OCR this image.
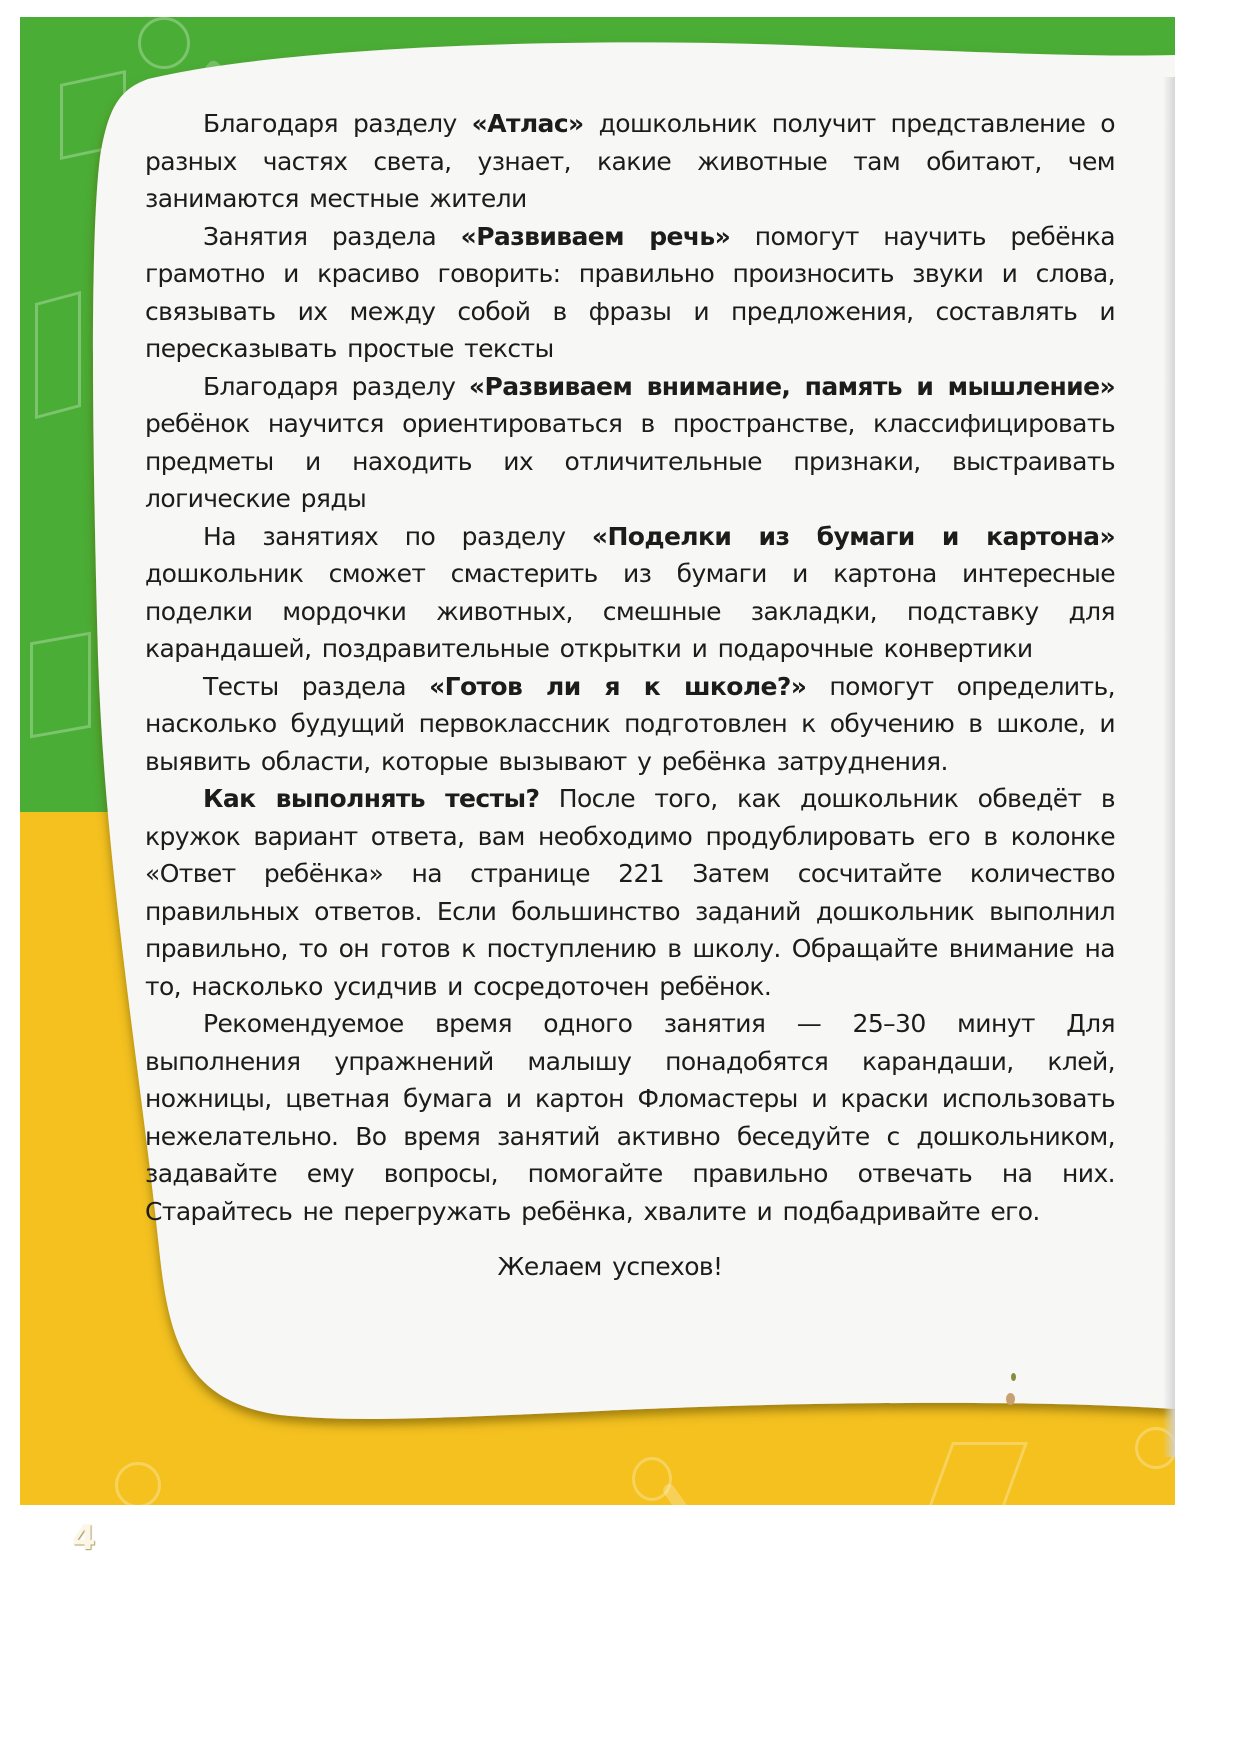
Благодаря разделу «Атлас» дошкольник получит представление о разных частях света, узнает, какие животные там обитают, чем занимаются местные жители

Занятия раздела «Развиваем речь» помогут научить ребёнка грамотно и красиво говорить: правильно произносить звуки и слова, связывать их между собой в фразы и предложения, составлять и пересказывать простые тексты

Благодаря разделу «Развиваем внимание, память и мышление» ребёнок научится ориентироваться в пространстве, классифицировать предметы и находить их отличительные признаки, выстраивать логические ряды

На занятиях по разделу «Поделки из бумаги и картона» дошкольник сможет смастерить из бумаги и картона интересные поделки мордочки животных, смешные закладки, подставку для карандашей, поздравительные открытки и подарочные конвертики

Тесты раздела «Готов ли я к школе?» помогут определить, насколько будущий первоклассник подготовлен к обучению в школе, и выявить области, которые вызывают у ребёнка затруднения.

Как выполнять тесты? После того, как дошкольник обведёт в кружок вариант ответа, вам необходимо продублировать его в колонке «Ответ ребёнка» на странице 221 Затем сосчитайте количество правильных ответов. Если большинство заданий дошкольник выполнил правильно, то он готов к поступлению в школу. Обращайте внимание на то, насколько усидчив и сосредоточен ребёнок.

Рекомендуемое время одного занятия — 25–30 минут Для выполнения упражнений малышу понадобятся карандаши, клей, ножницы, цветная бумага и картон Фломастеры и краски использовать нежелательно. Во время занятий активно беседуйте с дошкольником, задавайте ему вопросы, помогайте правильно отвечать на них. Старайтесь не перегружать ребёнка, хвалите и подбадривайте его.

Желаем успехов!

4
